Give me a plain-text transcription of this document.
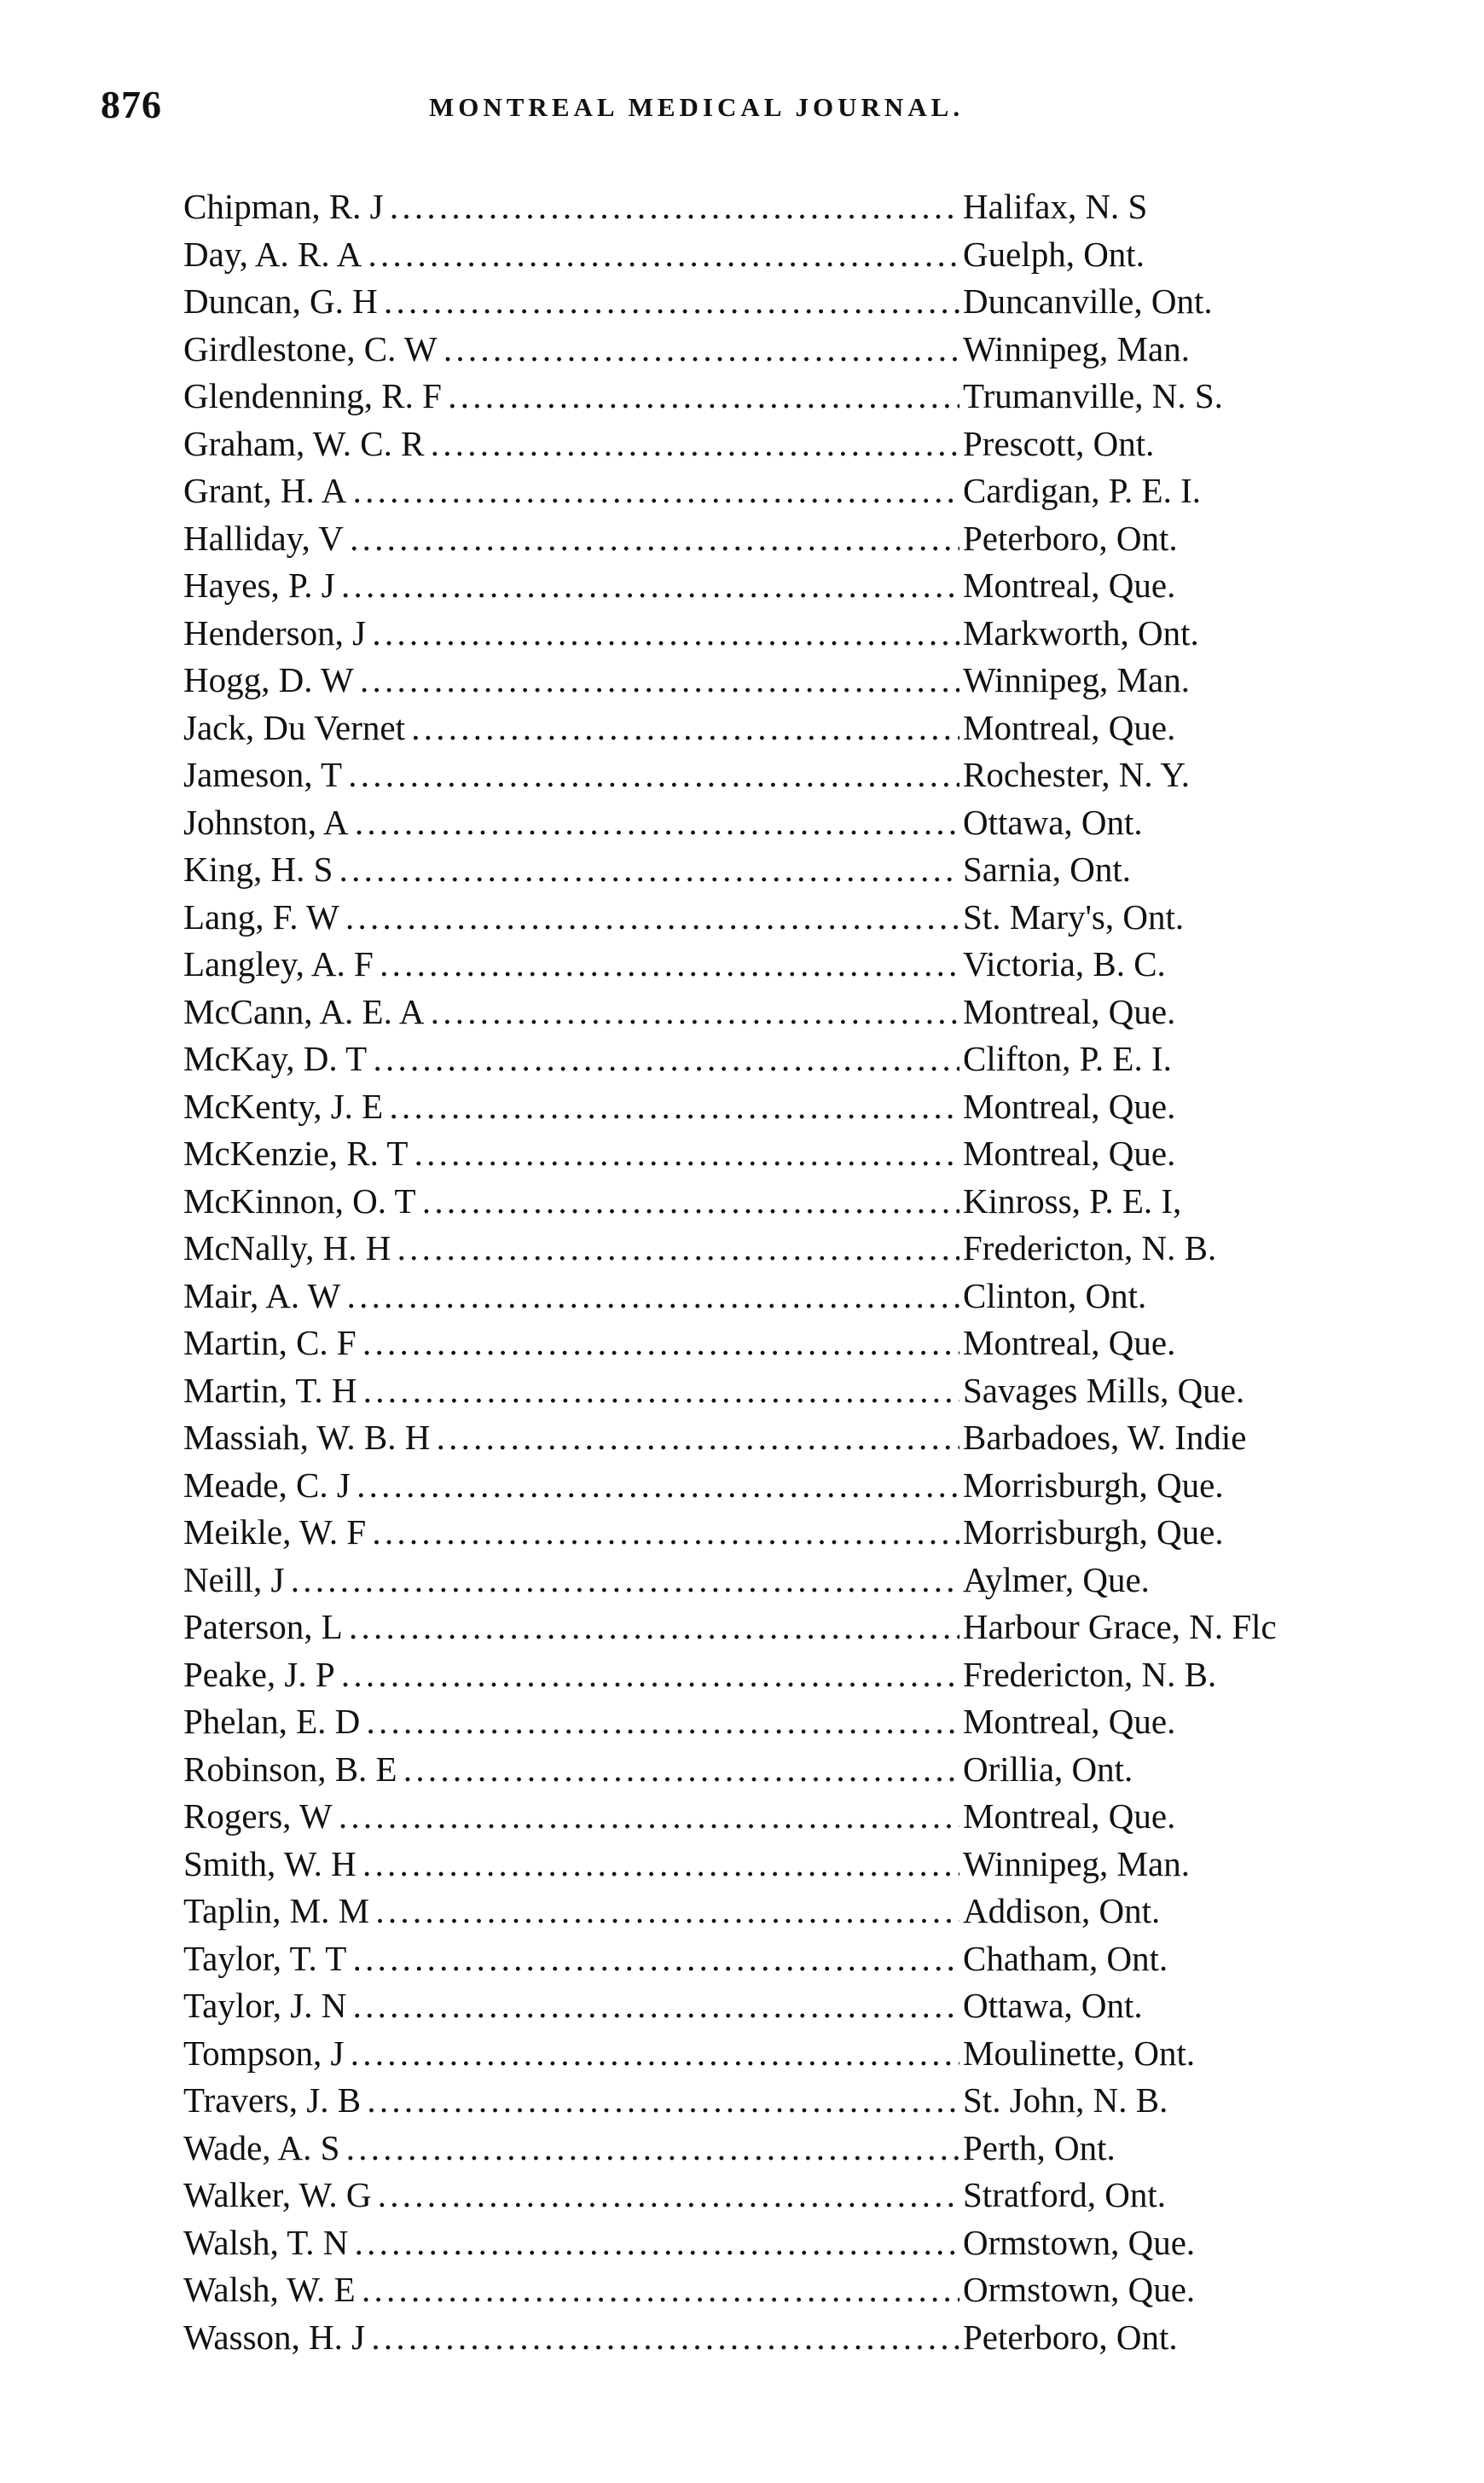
876	MONTREAL MEDICAL JOURNAL.
Chipman, R. J . . .	Halifax, N. S
Day, A. R. A . . .	Guelph, Ont.
Duncan, G. H . . .	Duncanville, Ont.
Girdlestone, C. W . . .	Winnipeg, Man.
Glendenning, R. F . . .	Trumanville, N. S.
Graham, W. C. R . . .	Prescott, Ont.
Grant, H. A . . .	Cardigan, P. E. I.
Halliday, V . . .	Peterboro, Ont.
Hayes, P. J . . .	Montreal, Que.
Henderson, J . . .	Markworth, Ont.
Hogg, D. W . . .	Winnipeg, Man.
Jack, Du Vernet . . .	Montreal, Que.
Jameson, T . . .	Rochester, N. Y.
Johnston, A . . .	Ottawa, Ont.
King, H. S . . .	Sarnia, Ont.
Lang, F. W . . .	St. Mary's, Ont.
Langley, A. F . . .	Victoria, B. C.
McCann, A. E. A . . .	Montreal, Que.
McKay, D. T . . .	Clifton, P. E. I.
McKenty, J. E . . .	Montreal, Que.
McKenzie, R. T . . .	Montreal, Que.
McKinnon, O. T . . .	Kinross, P. E. I,
McNally, H. H . . .	Fredericton, N. B.
Mair, A. W . . .	Clinton, Ont.
Martin, C. F . . .	Montreal, Que.
Martin, T. H . . .	Savages Mills, Que.
Massiah, W. B. H . . .	Barbadoes, W. Indie
Meade, C. J . . .	Morrisburgh, Que.
Meikle, W. F . . .	Morrisburgh, Que.
Neill, J . . .	Aylmer, Que.
Paterson, L . . .	Harbour Grace, N. Flc
Peake, J. P . . .	Fredericton, N. B.
Phelan, E. D . . .	Montreal, Que.
Robinson, B. E . . .	Orillia, Ont.
Rogers, W . . .	Montreal, Que.
Smith, W. H . . .	Winnipeg, Man.
Taplin, M. M . . .	Addison, Ont.
Taylor, T. T . . .	Chatham, Ont.
Taylor, J. N . . .	Ottawa, Ont.
Tompson, J . . .	Moulinette, Ont.
Travers, J. B . . .	St. John, N. B.
Wade, A. S . . .	Perth, Ont.
Walker, W. G . . .	Stratford, Ont.
Walsh, T. N . . .	Ormstown, Que.
Walsh, W. E . . .	Ormstown, Que.
Wasson, H. J . . .	Peterboro, Ont.
